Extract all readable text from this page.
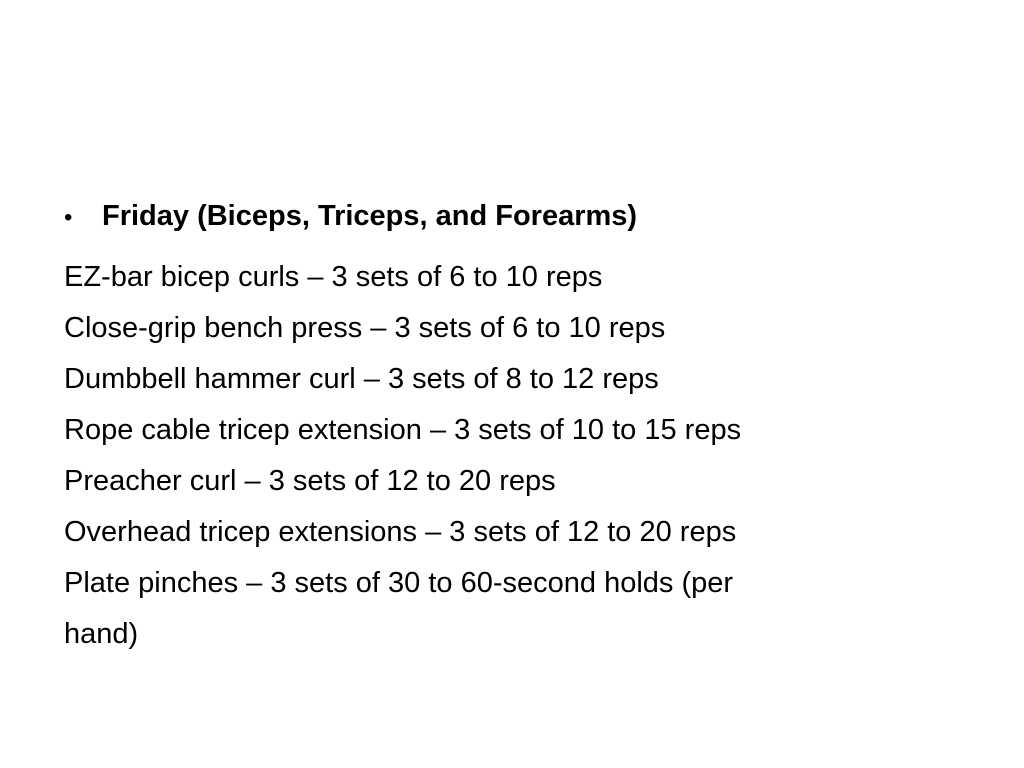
•	Friday (Biceps, Triceps, and Forearms)
EZ-bar bicep curls – 3 sets of 6 to 10 reps
Close-grip bench press – 3 sets of 6 to 10 reps
Dumbbell hammer curl – 3 sets of 8 to 12 reps
Rope cable tricep extension – 3 sets of 10 to 15 reps
Preacher curl – 3 sets of 12 to 20 reps
Overhead tricep extensions – 3 sets of 12 to 20 reps
Plate pinches – 3 sets of 30 to 60-second holds (per
hand)
